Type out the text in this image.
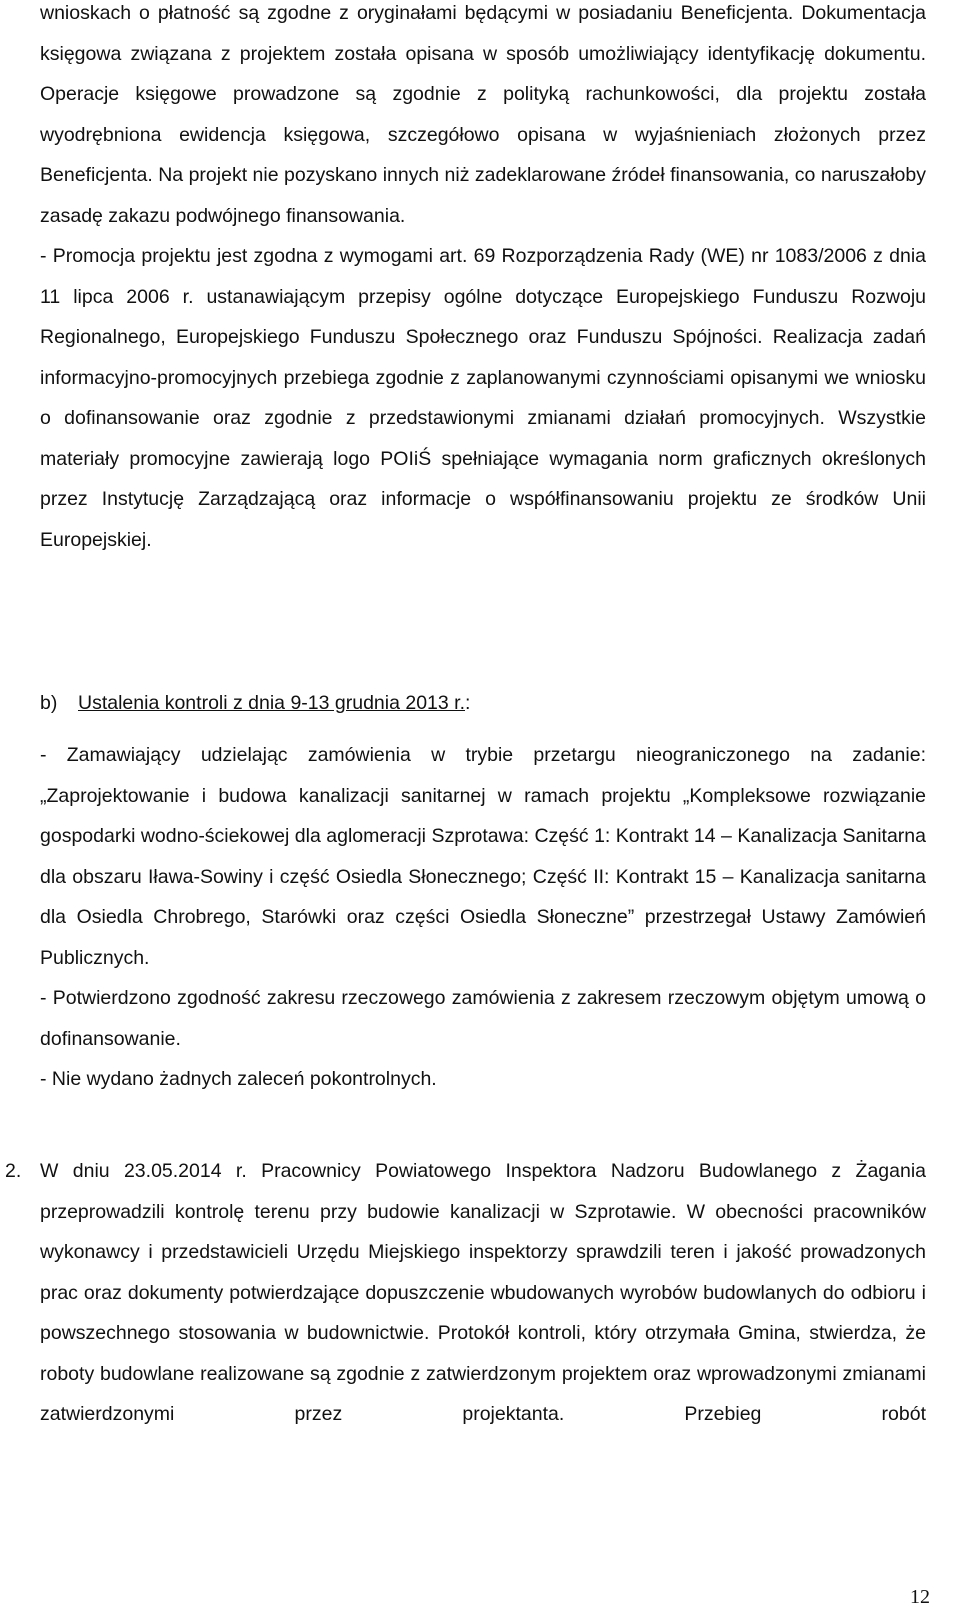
wnioskach o płatność są zgodne z oryginałami będącymi w posiadaniu Beneficjenta. Dokumentacja księgowa związana z projektem została opisana w sposób umożliwiający identyfikację dokumentu. Operacje księgowe prowadzone są zgodnie z polityką rachunkowości, dla projektu została wyodrębniona ewidencja księgowa, szczegółowo opisana w wyjaśnieniach złożonych przez Beneficjenta. Na projekt nie pozyskano innych niż zadeklarowane źródeł finansowania, co naruszałoby zasadę zakazu podwójnego finansowania.

- Promocja projektu jest zgodna z wymogami art. 69 Rozporządzenia Rady (WE) nr 1083/2006 z dnia 11 lipca 2006 r. ustanawiającym przepisy ogólne dotyczące Europejskiego Funduszu Rozwoju Regionalnego, Europejskiego Funduszu Społecznego oraz Funduszu Spójności. Realizacja zadań informacyjno-promocyjnych przebiega zgodnie z zaplanowanymi czynnościami opisanymi we wniosku o dofinansowanie oraz zgodnie z przedstawionymi zmianami działań promocyjnych. Wszystkie materiały promocyjne zawierają logo POIiŚ spełniające wymagania norm graficznych określonych przez Instytucję Zarządzającą oraz informacje o współfinansowaniu projektu ze środków Unii Europejskiej.

b) Ustalenia kontroli z dnia 9-13 grudnia 2013 r.:

- Zamawiający udzielając zamówienia w trybie przetargu nieograniczonego na zadanie: „Zaprojektowanie i budowa kanalizacji sanitarnej w ramach projektu „Kompleksowe rozwiązanie gospodarki wodno-ściekowej dla aglomeracji Szprotawa: Część 1: Kontrakt 14 – Kanalizacja Sanitarna dla obszaru Iława-Sowiny i część Osiedla Słonecznego; Część II: Kontrakt 15 – Kanalizacja sanitarna dla Osiedla Chrobrego, Starówki oraz części Osiedla Słoneczne” przestrzegał Ustawy Zamówień Publicznych.

- Potwierdzono zgodność zakresu rzeczowego zamówienia z zakresem rzeczowym objętym umową o dofinansowanie.

- Nie wydano żadnych zaleceń pokontrolnych.

2. W dniu 23.05.2014 r. Pracownicy Powiatowego Inspektora Nadzoru Budowlanego z Żagania przeprowadzili kontrolę terenu przy budowie kanalizacji w Szprotawie. W obecności pracowników wykonawcy i przedstawicieli Urzędu Miejskiego inspektorzy sprawdzili teren i jakość prowadzonych prac oraz dokumenty potwierdzające dopuszczenie wbudowanych wyrobów budowlanych do odbioru i powszechnego stosowania w budownictwie. Protokół kontroli, który otrzymała Gmina, stwierdza, że roboty budowlane realizowane są zgodnie z zatwierdzonym projektem oraz wprowadzonymi zmianami zatwierdzonymi przez projektanta. Przebieg robót

12
